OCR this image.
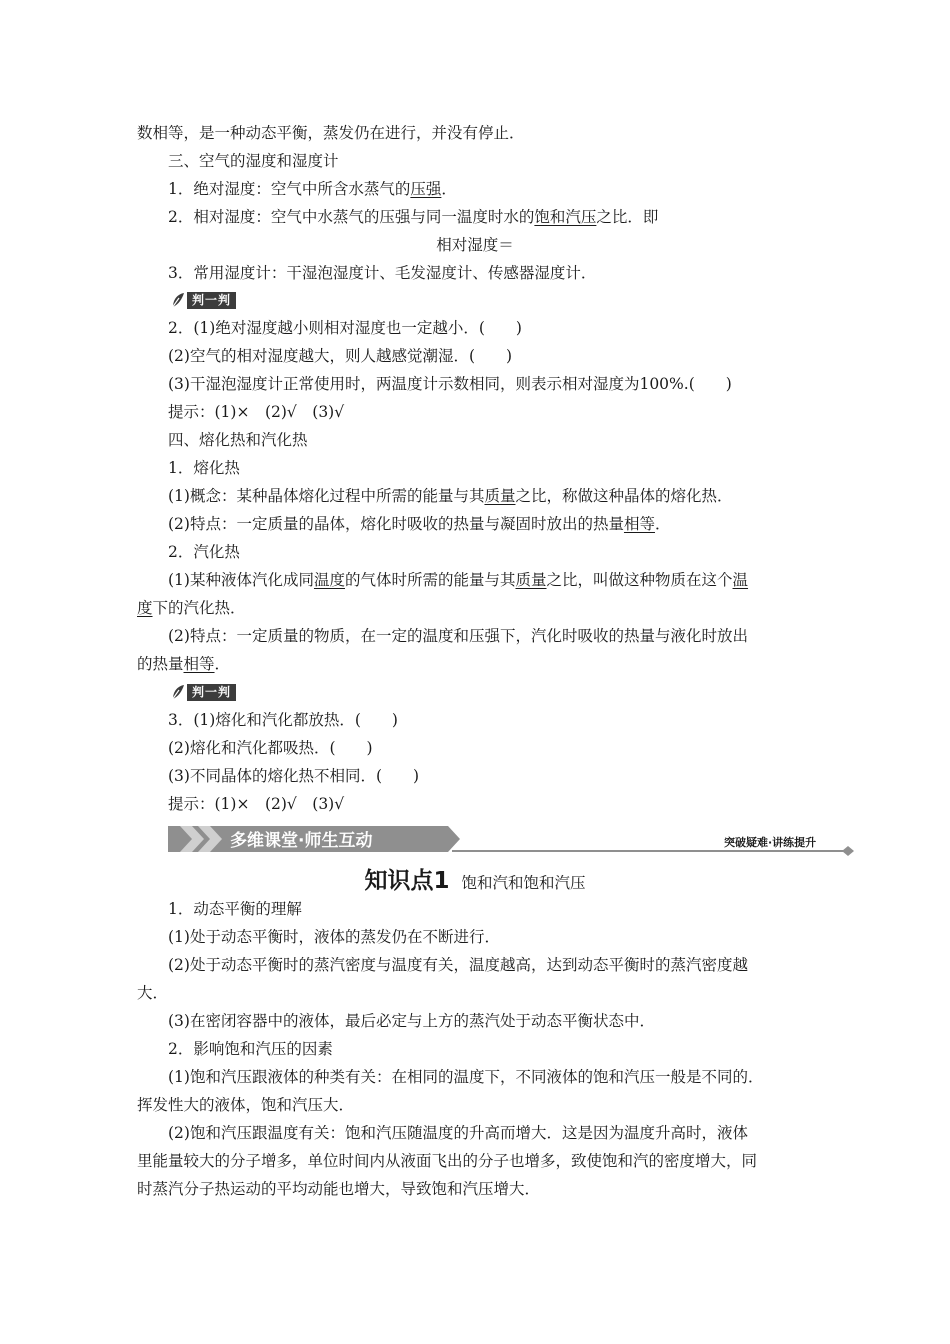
数相等，是一种动态平衡，蒸发仍在进行，并没有停止．
三、空气的湿度和湿度计
1．绝对湿度：空气中所含水蒸气的压强．
2．相对湿度：空气中水蒸气的压强与同一温度时水的饱和汽压之比．即
相对湿度＝
3．常用湿度计：干湿泡湿度计、毛发湿度计、传感器湿度计．
判一判
2．(1)绝对湿度越小则相对湿度也一定越小．(　　)
(2)空气的相对湿度越大，则人越感觉潮湿．(　　)
(3)干湿泡湿度计正常使用时，两温度计示数相同，则表示相对湿度为100%.(　　)
提示：(1)×　(2)√　(3)√
四、熔化热和汽化热
1．熔化热
(1)概念：某种晶体熔化过程中所需的能量与其质量之比，称做这种晶体的熔化热．
(2)特点：一定质量的晶体，熔化时吸收的热量与凝固时放出的热量相等．
2．汽化热
(1)某种液体汽化成同温度的气体时所需的能量与其质量之比，叫做这种物质在这个温
度下的汽化热．
(2)特点：一定质量的物质，在一定的温度和压强下，汽化时吸收的热量与液化时放出
的热量相等．
判一判
3．(1)熔化和汽化都放热．(　　)
(2)熔化和汽化都吸热．(　　)
(3)不同晶体的熔化热不相同．(　　)
提示：(1)×　(2)√　(3)√
多维课堂·师生互动	突破疑难·讲练提升
知识点1 饱和汽和饱和汽压
1．动态平衡的理解
(1)处于动态平衡时，液体的蒸发仍在不断进行．
(2)处于动态平衡时的蒸汽密度与温度有关，温度越高，达到动态平衡时的蒸汽密度越
大．
(3)在密闭容器中的液体，最后必定与上方的蒸汽处于动态平衡状态中．
2．影响饱和汽压的因素
(1)饱和汽压跟液体的种类有关：在相同的温度下，不同液体的饱和汽压一般是不同的．
挥发性大的液体，饱和汽压大．
(2)饱和汽压跟温度有关：饱和汽压随温度的升高而增大．这是因为温度升高时，液体
里能量较大的分子增多，单位时间内从液面飞出的分子也增多，致使饱和汽的密度增大，同
时蒸汽分子热运动的平均动能也增大，导致饱和汽压增大．
